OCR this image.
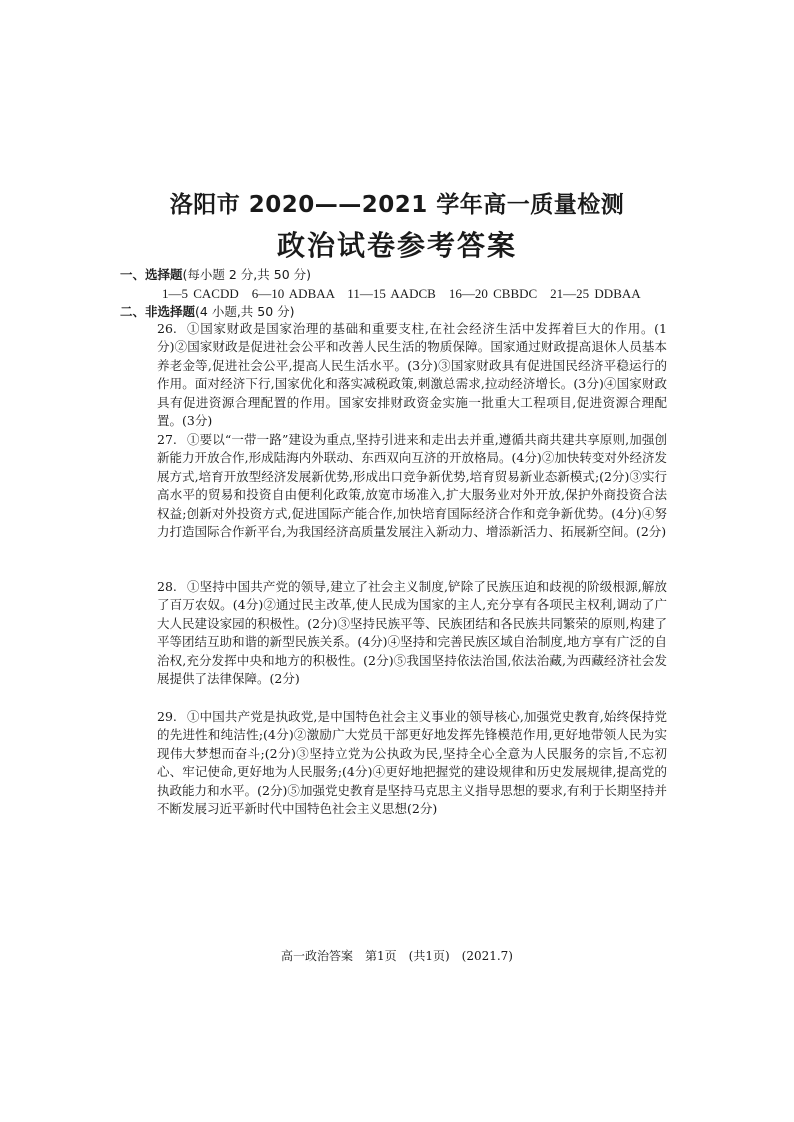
洛阳市 2020——2021 学年高一质量检测
政治试卷参考答案
一、选择题(每小题 2 分,共 50 分)
1—5 CACDD　6—10 ADBAA　11—15 AADCB　16—20 CBBDC　21—25 DDBAA
二、非选择题(4 小题,共 50 分)
26. ①国家财政是国家治理的基础和重要支柱,在社会经济生活中发挥着巨大的作用。(1分)②国家财政是促进社会公平和改善人民生活的物质保障。国家通过财政提高退休人员基本养老金等,促进社会公平,提高人民生活水平。(3分)③国家财政具有促进国民经济平稳运行的作用。面对经济下行,国家优化和落实减税政策,刺激总需求,拉动经济增长。(3分)④国家财政具有促进资源合理配置的作用。国家安排财政资金实施一批重大工程项目,促进资源合理配置。(3分)
27. ①要以“一带一路”建设为重点,坚持引进来和走出去并重,遵循共商共建共享原则,加强创新能力开放合作,形成陆海内外联动、东西双向互济的开放格局。(4分)②加快转变对外经济发展方式,培育开放型经济发展新优势,形成出口竞争新优势,培育贸易新业态新模式;(2分)③实行高水平的贸易和投资自由便利化政策,放宽市场准入,扩大服务业对外开放,保护外商投资合法权益;创新对外投资方式,促进国际产能合作,加快培育国际经济合作和竞争新优势。(4分)④努力打造国际合作新平台,为我国经济高质量发展注入新动力、增添新活力、拓展新空间。(2分)
28. ①坚持中国共产党的领导,建立了社会主义制度,铲除了民族压迫和歧视的阶级根源,解放了百万农奴。(4分)②通过民主改革,使人民成为国家的主人,充分享有各项民主权利,调动了广大人民建设家园的积极性。(2分)③坚持民族平等、民族团结和各民族共同繁荣的原则,构建了平等团结互助和谐的新型民族关系。(4分)④坚持和完善民族区域自治制度,地方享有广泛的自治权,充分发挥中央和地方的积极性。(2分)⑤我国坚持依法治国,依法治藏,为西藏经济社会发展提供了法律保障。(2分)
29. ①中国共产党是执政党,是中国特色社会主义事业的领导核心,加强党史教育,始终保持党的先进性和纯洁性;(4分)②激励广大党员干部更好地发挥先锋模范作用,更好地带领人民为实现伟大梦想而奋斗;(2分)③坚持立党为公执政为民,坚持全心全意为人民服务的宗旨,不忘初心、牢记使命,更好地为人民服务;(4分)④更好地把握党的建设规律和历史发展规律,提高党的执政能力和水平。(2分)⑤加强党史教育是坚持马克思主义指导思想的要求,有利于长期坚持并不断发展习近平新时代中国特色社会主义思想(2分)
高一政治答案　第1页　(共1页)　(2021.7)
